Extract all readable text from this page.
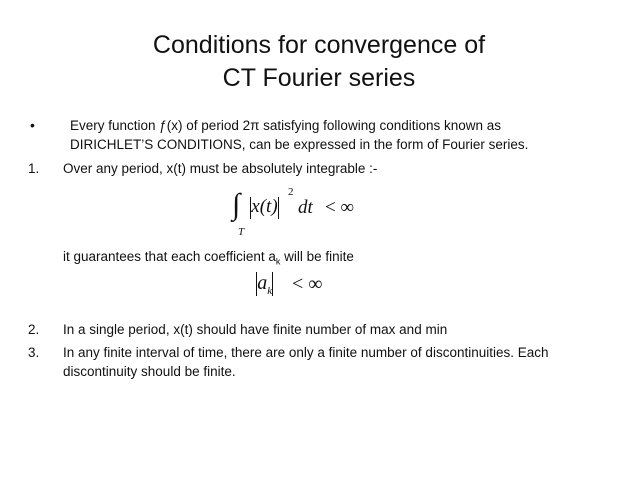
Conditions for convergence of
CT Fourier series
•	Every function ƒ(x) of period 2π satisfying following conditions known as
DIRICHLET’S CONDITIONS, can be expressed in the form of Fourier series.
1. Over any period, x(t) must be absolutely integrable :-
∫
T
x(t)
2
dt < ∞
it guarantees that each coefficient $a_k$ will be finite
$a_k$ < ∞
2. In a single period, x(t) should have finite number of max and min
3. In any finite interval of time, there are only a finite number of discontinuities. Each
discontinuity should be finite.
